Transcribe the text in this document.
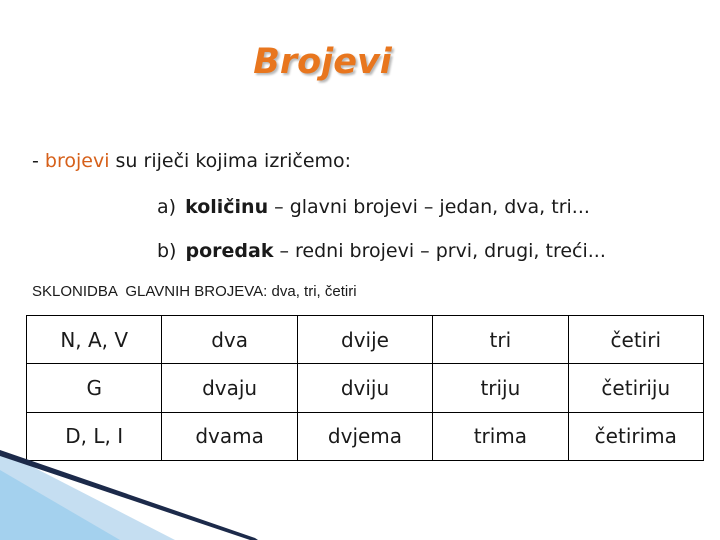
Brojevi
- brojevi su riječi kojima izričemo:
a) količinu – glavni brojevi – jedan, dva, tri...
b) poredak – redni brojevi – prvi, drugi, treći...
SKLONIDBA  GLAVNIH BROJEVA: dva, tri, četiri
N, A, V	dva	dvije	tri	četiri
G	dvaju	dviju	triju	četiriju
D, L, I	dvama	dvjema	trima	četirima
